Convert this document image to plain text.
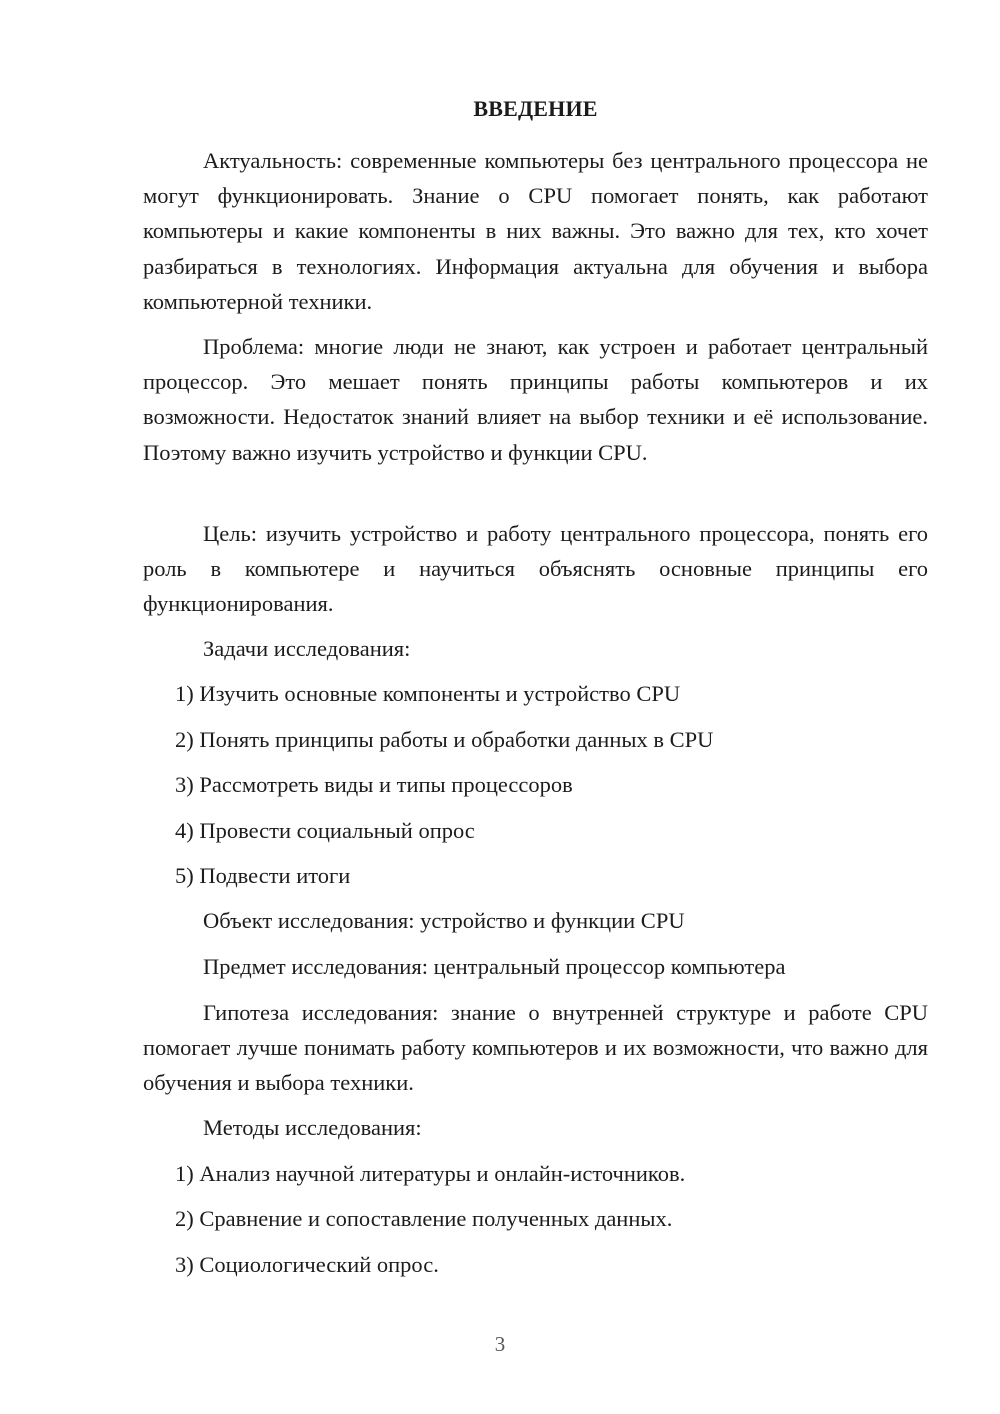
ВВЕДЕНИЕ

Актуальность: современные компьютеры без центрального процессора не могут функционировать. Знание о CPU помогает понять, как работают компьютеры и какие компоненты в них важны. Это важно для тех, кто хочет разбираться в технологиях. Информация актуальна для обучения и выбора компьютерной техники.

Проблема: многие люди не знают, как устроен и работает центральный процессор. Это мешает понять принципы работы компьютеров и их возможности. Недостаток знаний влияет на выбор техники и её использование. Поэтому важно изучить устройство и функции CPU.

Цель: изучить устройство и работу центрального процессора, понять его роль в компьютере и научиться объяснять основные принципы его функционирования.

Задачи исследования:

1) Изучить основные компоненты и устройство CPU

2) Понять принципы работы и обработки данных в CPU

3) Рассмотреть виды и типы процессоров

4) Провести социальный опрос

5) Подвести итоги

Объект исследования: устройство и функции CPU

Предмет исследования: центральный процессор компьютера

Гипотеза исследования: знание о внутренней структуре и работе CPU помогает лучше понимать работу компьютеров и их возможности, что важно для обучения и выбора техники.

Методы исследования:

1) Анализ научной литературы и онлайн-источников.

2) Сравнение и сопоставление полученных данных.

3) Социологический опрос.

3
